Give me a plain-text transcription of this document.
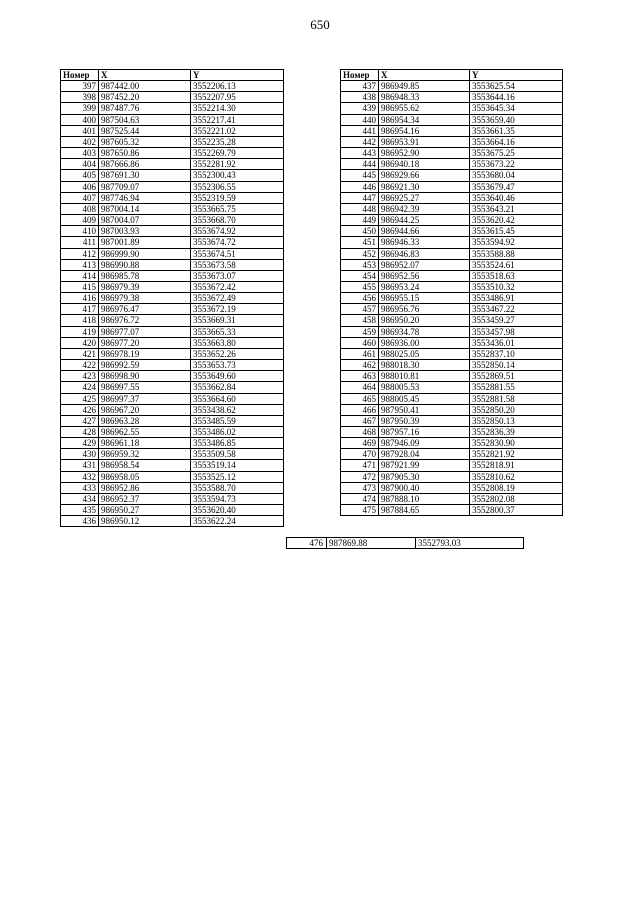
650
Номер	X	Y
397	987442.00	3552206.13
398	987452.20	3552207.95
399	987487.76	3552214.30
400	987504.63	3552217.41
401	987525.44	3552221.02
402	987605.32	3552235.28
403	987650.86	3552269.79
404	987666.86	3552281.92
405	987691.30	3552300.43
406	987709.07	3552306.55
407	987746.94	3552319.59
408	987004.14	3553665.75
409	987004.07	3553668.70
410	987003.93	3553674.92
411	987001.89	3553674.72
412	986999.90	3553674.51
413	986990.88	3553673.58
414	986985.78	3553673.07
415	986979.39	3553672.42
416	986979.38	3553672.49
417	986976.47	3553672.19
418	986976.72	3553669.31
419	986977.07	3553665.33
420	986977.20	3553663.80
421	986978.19	3553652.26
422	986992.59	3553653.73
423	986998.90	3553649.60
424	986997.55	3553662.84
425	986997.37	3553664.60
426	986967.20	3553438.62
427	986963.28	3553485.59
428	986962.55	3553486.02
429	986961.18	3553486.85
430	986959.32	3553509.58
431	986958.54	3553519.14
432	986958.05	3553525.12
433	986952.86	3553588.70
434	986952.37	3553594.73
435	986950.27	3553620.40
436	986950.12	3553622.24
Номер	X	Y
437	986949.85	3553625.54
438	986948.33	3553644.16
439	986955.62	3553645.34
440	986954.34	3553659.40
441	986954.16	3553661.35
442	986953.91	3553664.16
443	986952.90	3553675.25
444	986940.18	3553673.22
445	986929.66	3553680.04
446	986921.30	3553679.47
447	986925.27	3553640.46
448	986942.39	3553643.21
449	986944.25	3553620.42
450	986944.66	3553615.45
451	986946.33	3553594.92
452	986946.83	3553588.88
453	986952.07	3553524.61
454	986952.56	3553518.63
455	986953.24	3553510.32
456	986955.15	3553486.91
457	986956.76	3553467.22
458	986950.20	3553459.27
459	986934.78	3553457.98
460	986936.00	3553436.01
461	988025.05	3552837.10
462	988018.30	3552850.14
463	988010.81	3552869.51
464	988005.53	3552881.55
465	988005.45	3552881.58
466	987950.41	3552850.20
467	987950.39	3552850.13
468	987957.16	3552836.39
469	987946.09	3552830.90
470	987928.04	3552821.92
471	987921.99	3552818.91
472	987905.30	3552810.62
473	987900.40	3552808.19
474	987888.10	3552802.08
475	987884.65	3552800.37
476 987869.88	3552793.03
